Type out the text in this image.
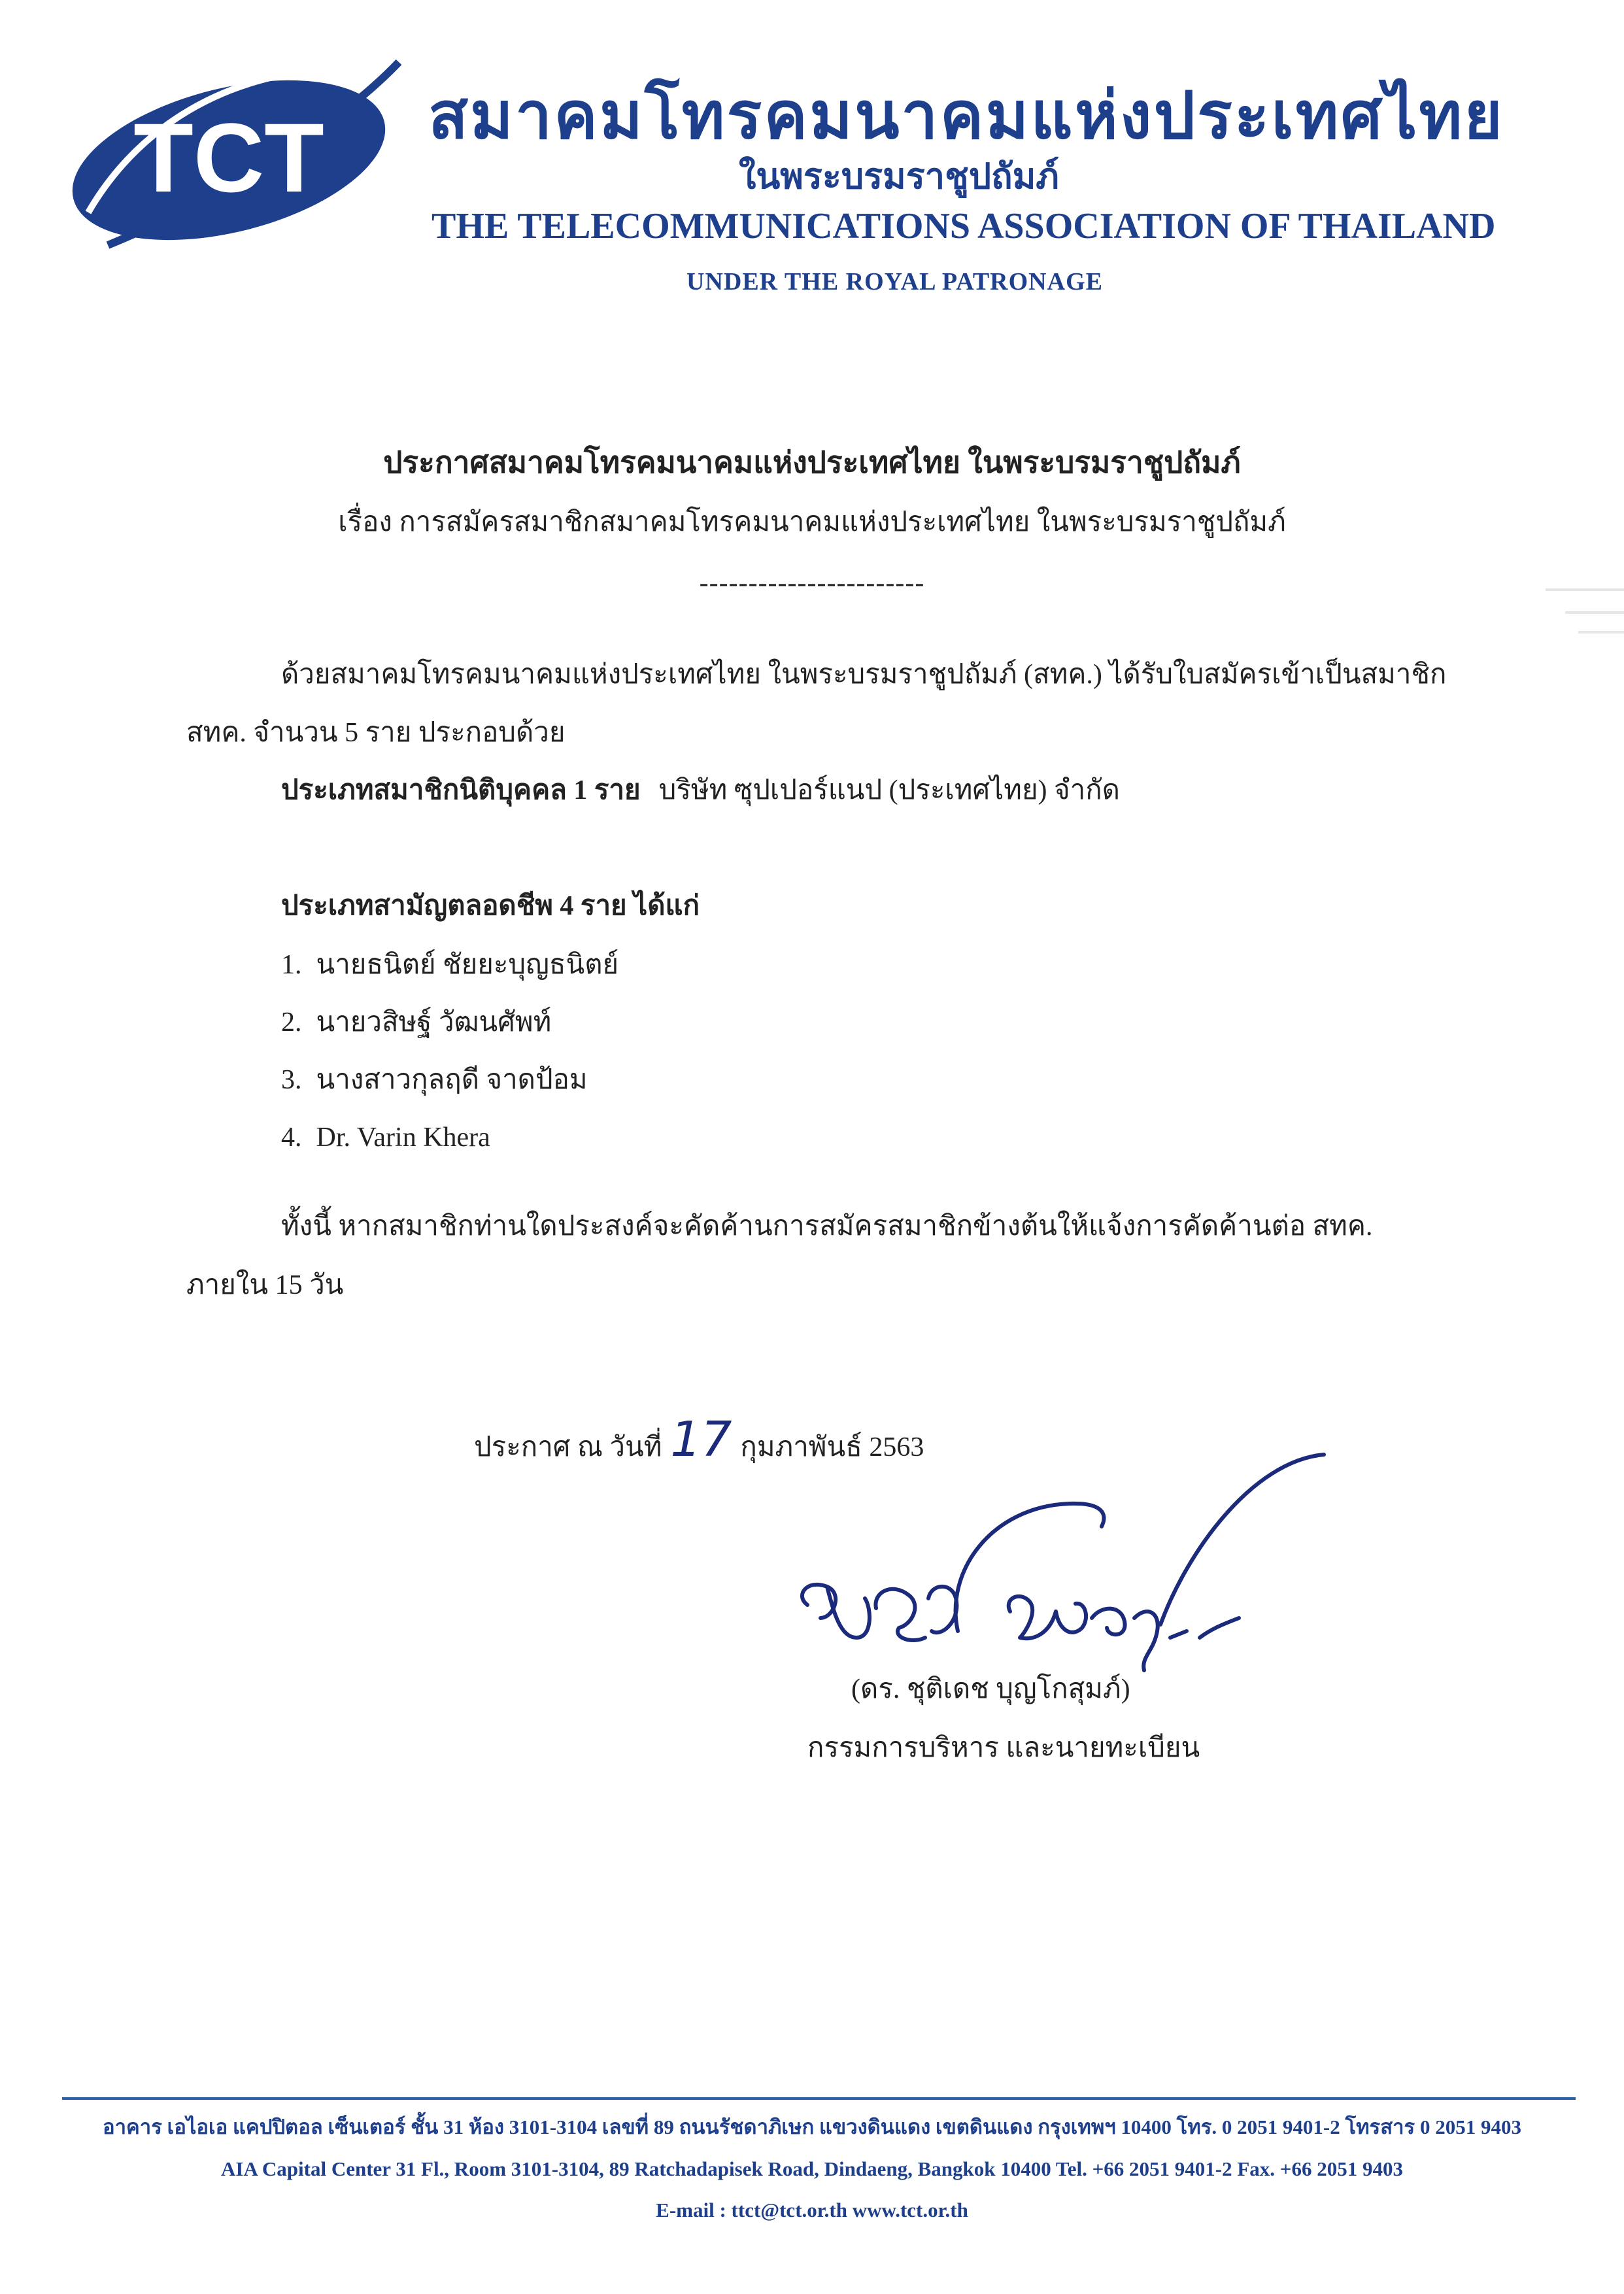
TCT สมาคมโทรคมนาคมแห่งประเทศไทย
ในพระบรมราชูปถัมภ์
THE TELECOMMUNICATIONS ASSOCIATION OF THAILAND
UNDER THE ROYAL PATRONAGE
ประกาศสมาคมโทรคมนาคมแห่งประเทศไทย ในพระบรมราชูปถัมภ์
เรื่อง การสมัครสมาชิกสมาคมโทรคมนาคมแห่งประเทศไทย ในพระบรมราชูปถัมภ์
-----------------------
ด้วยสมาคมโทรคมนาคมแห่งประเทศไทย ในพระบรมราชูปถัมภ์ (สทค.) ได้รับใบสมัครเข้าเป็นสมาชิก
สทค. จำนวน 5 ราย ประกอบด้วย
ประเภทสมาชิกนิติบุคคล 1 ราย บริษัท ซุปเปอร์แนป (ประเทศไทย) จำกัด
ประเภทสามัญตลอดชีพ 4 ราย ได้แก่
1. นายธนิตย์ ชัยยะบุญธนิตย์
2. นายวสิษฐ์ วัฒนศัพท์
3. นางสาวกุลฤดี จาดป้อม
4. Dr. Varin Khera
ทั้งนี้ หากสมาชิกท่านใดประสงค์จะคัดค้านการสมัครสมาชิกข้างต้นให้แจ้งการคัดค้านต่อ สทค.
ภายใน 15 วัน
ประกาศ ณ วันที่ 17 กุมภาพันธ์ 2563
(ดร. ชุติเดช บุญโกสุมภ์)
กรรมการบริหาร และนายทะเบียน
อาคาร เอไอเอ แคปปิตอล เซ็นเตอร์ ชั้น 31 ห้อง 3101-3104 เลขที่ 89 ถนนรัชดาภิเษก แขวงดินแดง เขตดินแดง กรุงเทพฯ 10400 โทร. 0 2051 9401-2 โทรสาร 0 2051 9403
AIA Capital Center 31 Fl., Room 3101-3104, 89 Ratchadapisek Road, Dindaeng, Bangkok 10400 Tel. +66 2051 9401-2 Fax. +66 2051 9403
E-mail : ttct@tct.or.th www.tct.or.th
